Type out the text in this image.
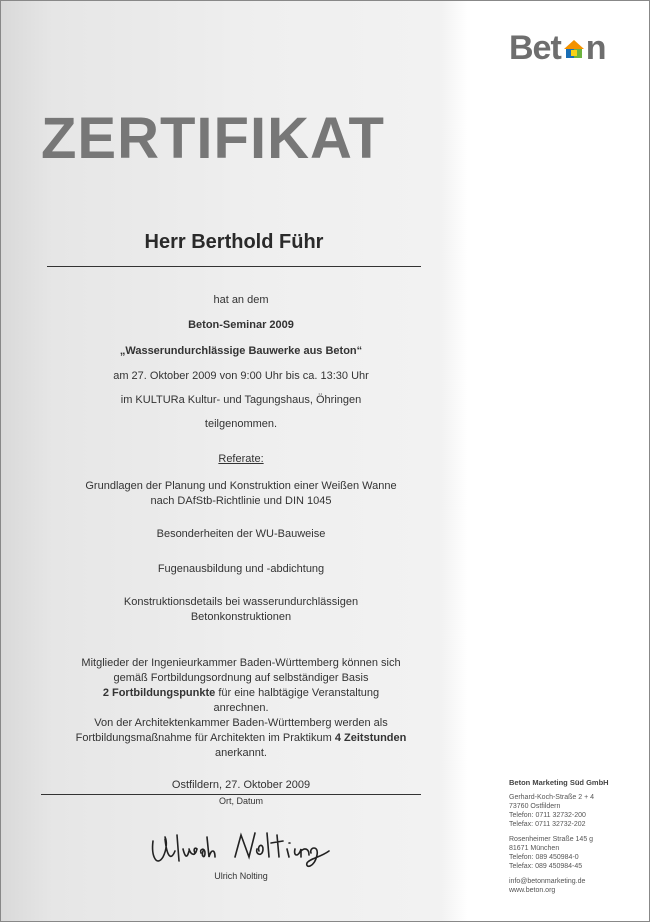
Bet n
ZERTIFIKAT
Herr Berthold Führ
hat an dem
Beton-Seminar 2009
„Wasserundurchlässige Bauwerke aus Beton“
am 27. Oktober 2009 von 9:00 Uhr bis ca. 13:30 Uhr
im KULTURa Kultur- und Tagungshaus, Öhringen
teilgenommen.
Referate:
Grundlagen der Planung und Konstruktion einer Weißen Wanne
nach DAfStb-Richtlinie und DIN 1045
Besonderheiten der WU-Bauweise
Fugenausbildung und -abdichtung
Konstruktionsdetails bei wasserundurchlässigen
Betonkonstruktionen
Mitglieder der Ingenieurkammer Baden-Württemberg können sich
gemäß Fortbildungsordnung auf selbständiger Basis
2 Fortbildungspunkte für eine halbtägige Veranstaltung
anrechnen.
Von der Architektenkammer Baden-Württemberg werden als
Fortbildungsmaßnahme für Architekten im Praktikum 4 Zeitstunden
anerkannt.
Ostfildern, 27. Oktober 2009
Ort, Datum
Ulrich Nolting
Beton Marketing Süd GmbH
Gerhard-Koch-Straße 2 + 4
73760 Ostfildern
Telefon: 0711 32732-200
Telefax: 0711 32732-202
Rosenheimer Straße 145 g
81671 München
Telefon: 089 450984-0
Telefax: 089 450984-45
info@betonmarketing.de
www.beton.org
